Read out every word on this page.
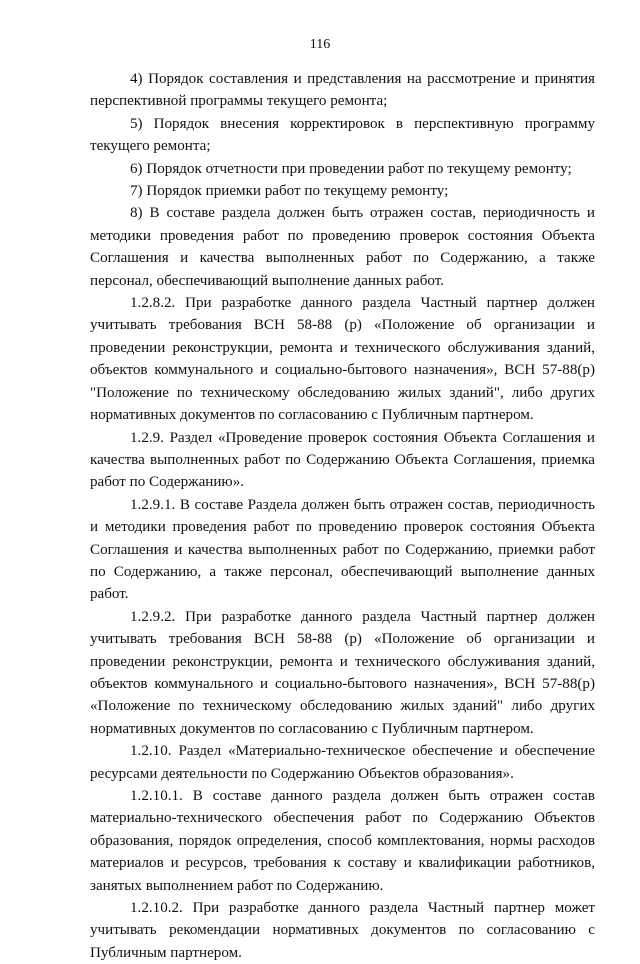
116

4) Порядок составления и представления на рассмотрение и принятия перспективной программы текущего ремонта;

5) Порядок внесения корректировок в перспективную программу текущего ремонта;

6) Порядок отчетности при проведении работ по текущему ремонту;

7) Порядок приемки работ по текущему ремонту;

8) В составе раздела должен быть отражен состав, периодичность и методики проведения работ по проведению проверок состояния Объекта Соглашения и качества выполненных работ по Содержанию, а также персонал, обеспечивающий выполнение данных работ.

1.2.8.2. При разработке данного раздела Частный партнер должен учитывать требования ВСН 58-88 (р) «Положение об организации и проведении реконструкции, ремонта и технического обслуживания зданий, объектов коммунального и социально-бытового назначения», ВСН 57-88(р) "Положение по техническому обследованию жилых зданий", либо других нормативных документов по согласованию с Публичным партнером.

1.2.9. Раздел «Проведение проверок состояния Объекта Соглашения и качества выполненных работ по Содержанию Объекта Соглашения, приемка работ по Содержанию».

1.2.9.1. В составе Раздела должен быть отражен состав, периодичность и методики проведения работ по проведению проверок состояния Объекта Соглашения и качества выполненных работ по Содержанию, приемки работ по Содержанию, а также персонал, обеспечивающий выполнение данных работ.

1.2.9.2. При разработке данного раздела Частный партнер должен учитывать требования ВСН 58-88 (р) «Положение об организации и проведении реконструкции, ремонта и технического обслуживания зданий, объектов коммунального и социально-бытового назначения», ВСН 57-88(р) «Положение по техническому обследованию жилых зданий" либо других нормативных документов по согласованию с Публичным партнером.

1.2.10. Раздел «Материально-техническое обеспечение и обеспечение ресурсами деятельности по Содержанию Объектов образования».

1.2.10.1. В составе данного раздела должен быть отражен состав материально-технического обеспечения работ по Содержанию Объектов образования, порядок определения, способ комплектования, нормы расходов материалов и ресурсов, требования к составу и квалификации работников, занятых выполнением работ по Содержанию.

1.2.10.2. При разработке данного раздела Частный партнер может учитывать рекомендации нормативных документов по согласованию с Публичным партнером.
